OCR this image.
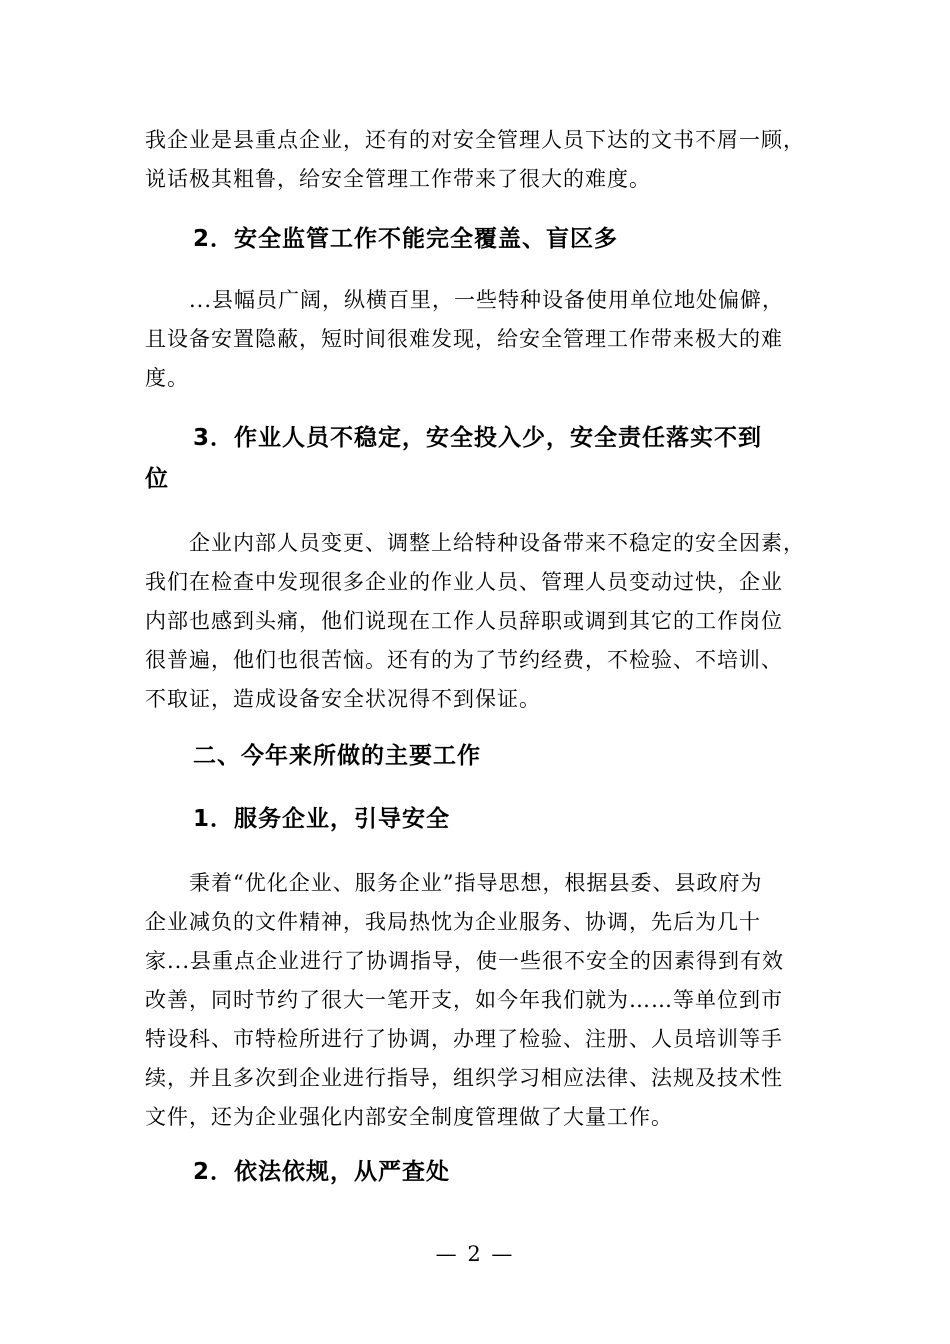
我企业是县重点企业，还有的对安全管理人员下达的文书不屑一顾，
说话极其粗鲁，给安全管理工作带来了很大的难度。

2．安全监管工作不能完全覆盖、盲区多

...县幅员广阔，纵横百里，一些特种设备使用单位地处偏僻，
且设备安置隐蔽，短时间很难发现，给安全管理工作带来极大的难
度。

3．作业人员不稳定，安全投入少，安全责任落实不到
位

企业内部人员变更、调整上给特种设备带来不稳定的安全因素，
我们在检查中发现很多企业的作业人员、管理人员变动过快，企业
内部也感到头痛，他们说现在工作人员辞职或调到其它的工作岗位
很普遍，他们也很苦恼。还有的为了节约经费，不检验、不培训、
不取证，造成设备安全状况得不到保证。

二、今年来所做的主要工作

1．服务企业，引导安全

秉着“优化企业、服务企业”指导思想，根据县委、县政府为
企业减负的文件精神，我局热忱为企业服务、协调，先后为几十
家...县重点企业进行了协调指导，使一些很不安全的因素得到有效
改善，同时节约了很大一笔开支，如今年我们就为……等单位到市
特设科、市特检所进行了协调，办理了检验、注册、人员培训等手
续，并且多次到企业进行指导，组织学习相应法律、法规及技术性
文件，还为企业强化内部安全制度管理做了大量工作。

2．依法依规，从严查处

— 2 —
